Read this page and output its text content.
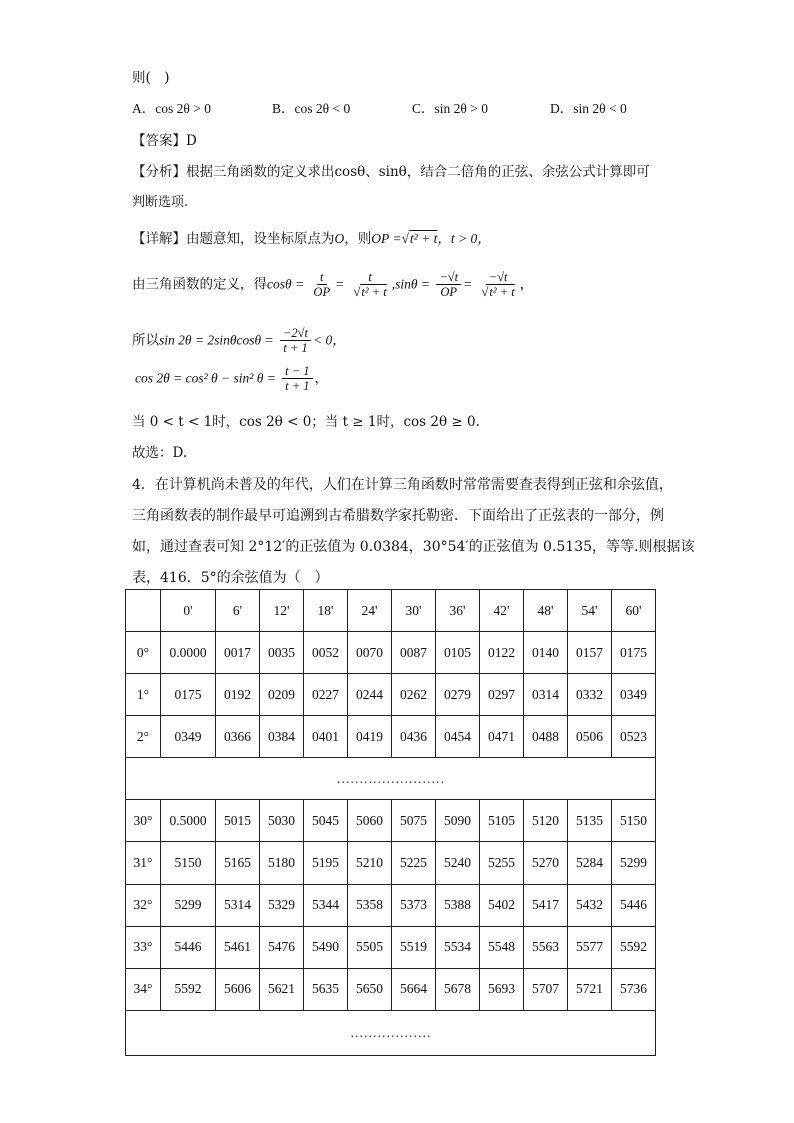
则(　)
A．cos 2θ > 0	B．cos 2θ < 0	C．sin 2θ > 0	D．sin 2θ < 0
【答案】D
【分析】根据三角函数的定义求出cosθ、sinθ，结合二倍角的正弦、余弦公式计算即可
判断选项.
【详解】由题意知，设坐标原点为O，则OP =√t² + t，t > 0，
由三角函数的定义，得$\cos\theta = \frac{t}{OP} = \frac{t}{\text{√t² + t}} ,\sin\theta = \frac{-√t}{OP} = \frac{-√t}{\text{√t² + t}}$ ，
所以$\sin 2\theta = 2\sin\theta\cos\theta = \frac{-2√t}{t + 1} < 0$，
cos 2θ = cos² θ − sin² $\theta = \frac{t - 1}{t + 1}$ ，
当 0 < t < 1时，cos 2θ < 0；当 t ≥ 1时，cos 2θ ≥ 0.
故选：D.
4．在计算机尚未普及的年代，人们在计算三角函数时常常需要查表得到正弦和余弦值，
三角函数表的制作最早可追溯到古希腊数学家托勒密．下面给出了正弦表的一部分，例
如，通过查表可知 2°12′的正弦值为 0.0384，30°54′的正弦值为 0.5135，等等.则根据该
表，416．5°的余弦值为（　）
	0'	6'	12'	18'	24'	30'	36'	42'	48'	54'	60'
0°	0.0000	0017	0035	0052	0070	0087	0105	0122	0140	0157	0175
1°	0175	0192	0209	0227	0244	0262	0279	0297	0314	0332	0349
2°	0349	0366	0384	0401	0419	0436	0454	0471	0488	0506	0523
……………………											
30°	0.5000	5015	5030	5045	5060	5075	5090	5105	5120	5135	5150
31°	5150	5165	5180	5195	5210	5225	5240	5255	5270	5284	5299
32°	5299	5314	5329	5344	5358	5373	5388	5402	5417	5432	5446
33°	5446	5461	5476	5490	5505	5519	5534	5548	5563	5577	5592
34°	5592	5606	5621	5635	5650	5664	5678	5693	5707	5721	5736
………………											
